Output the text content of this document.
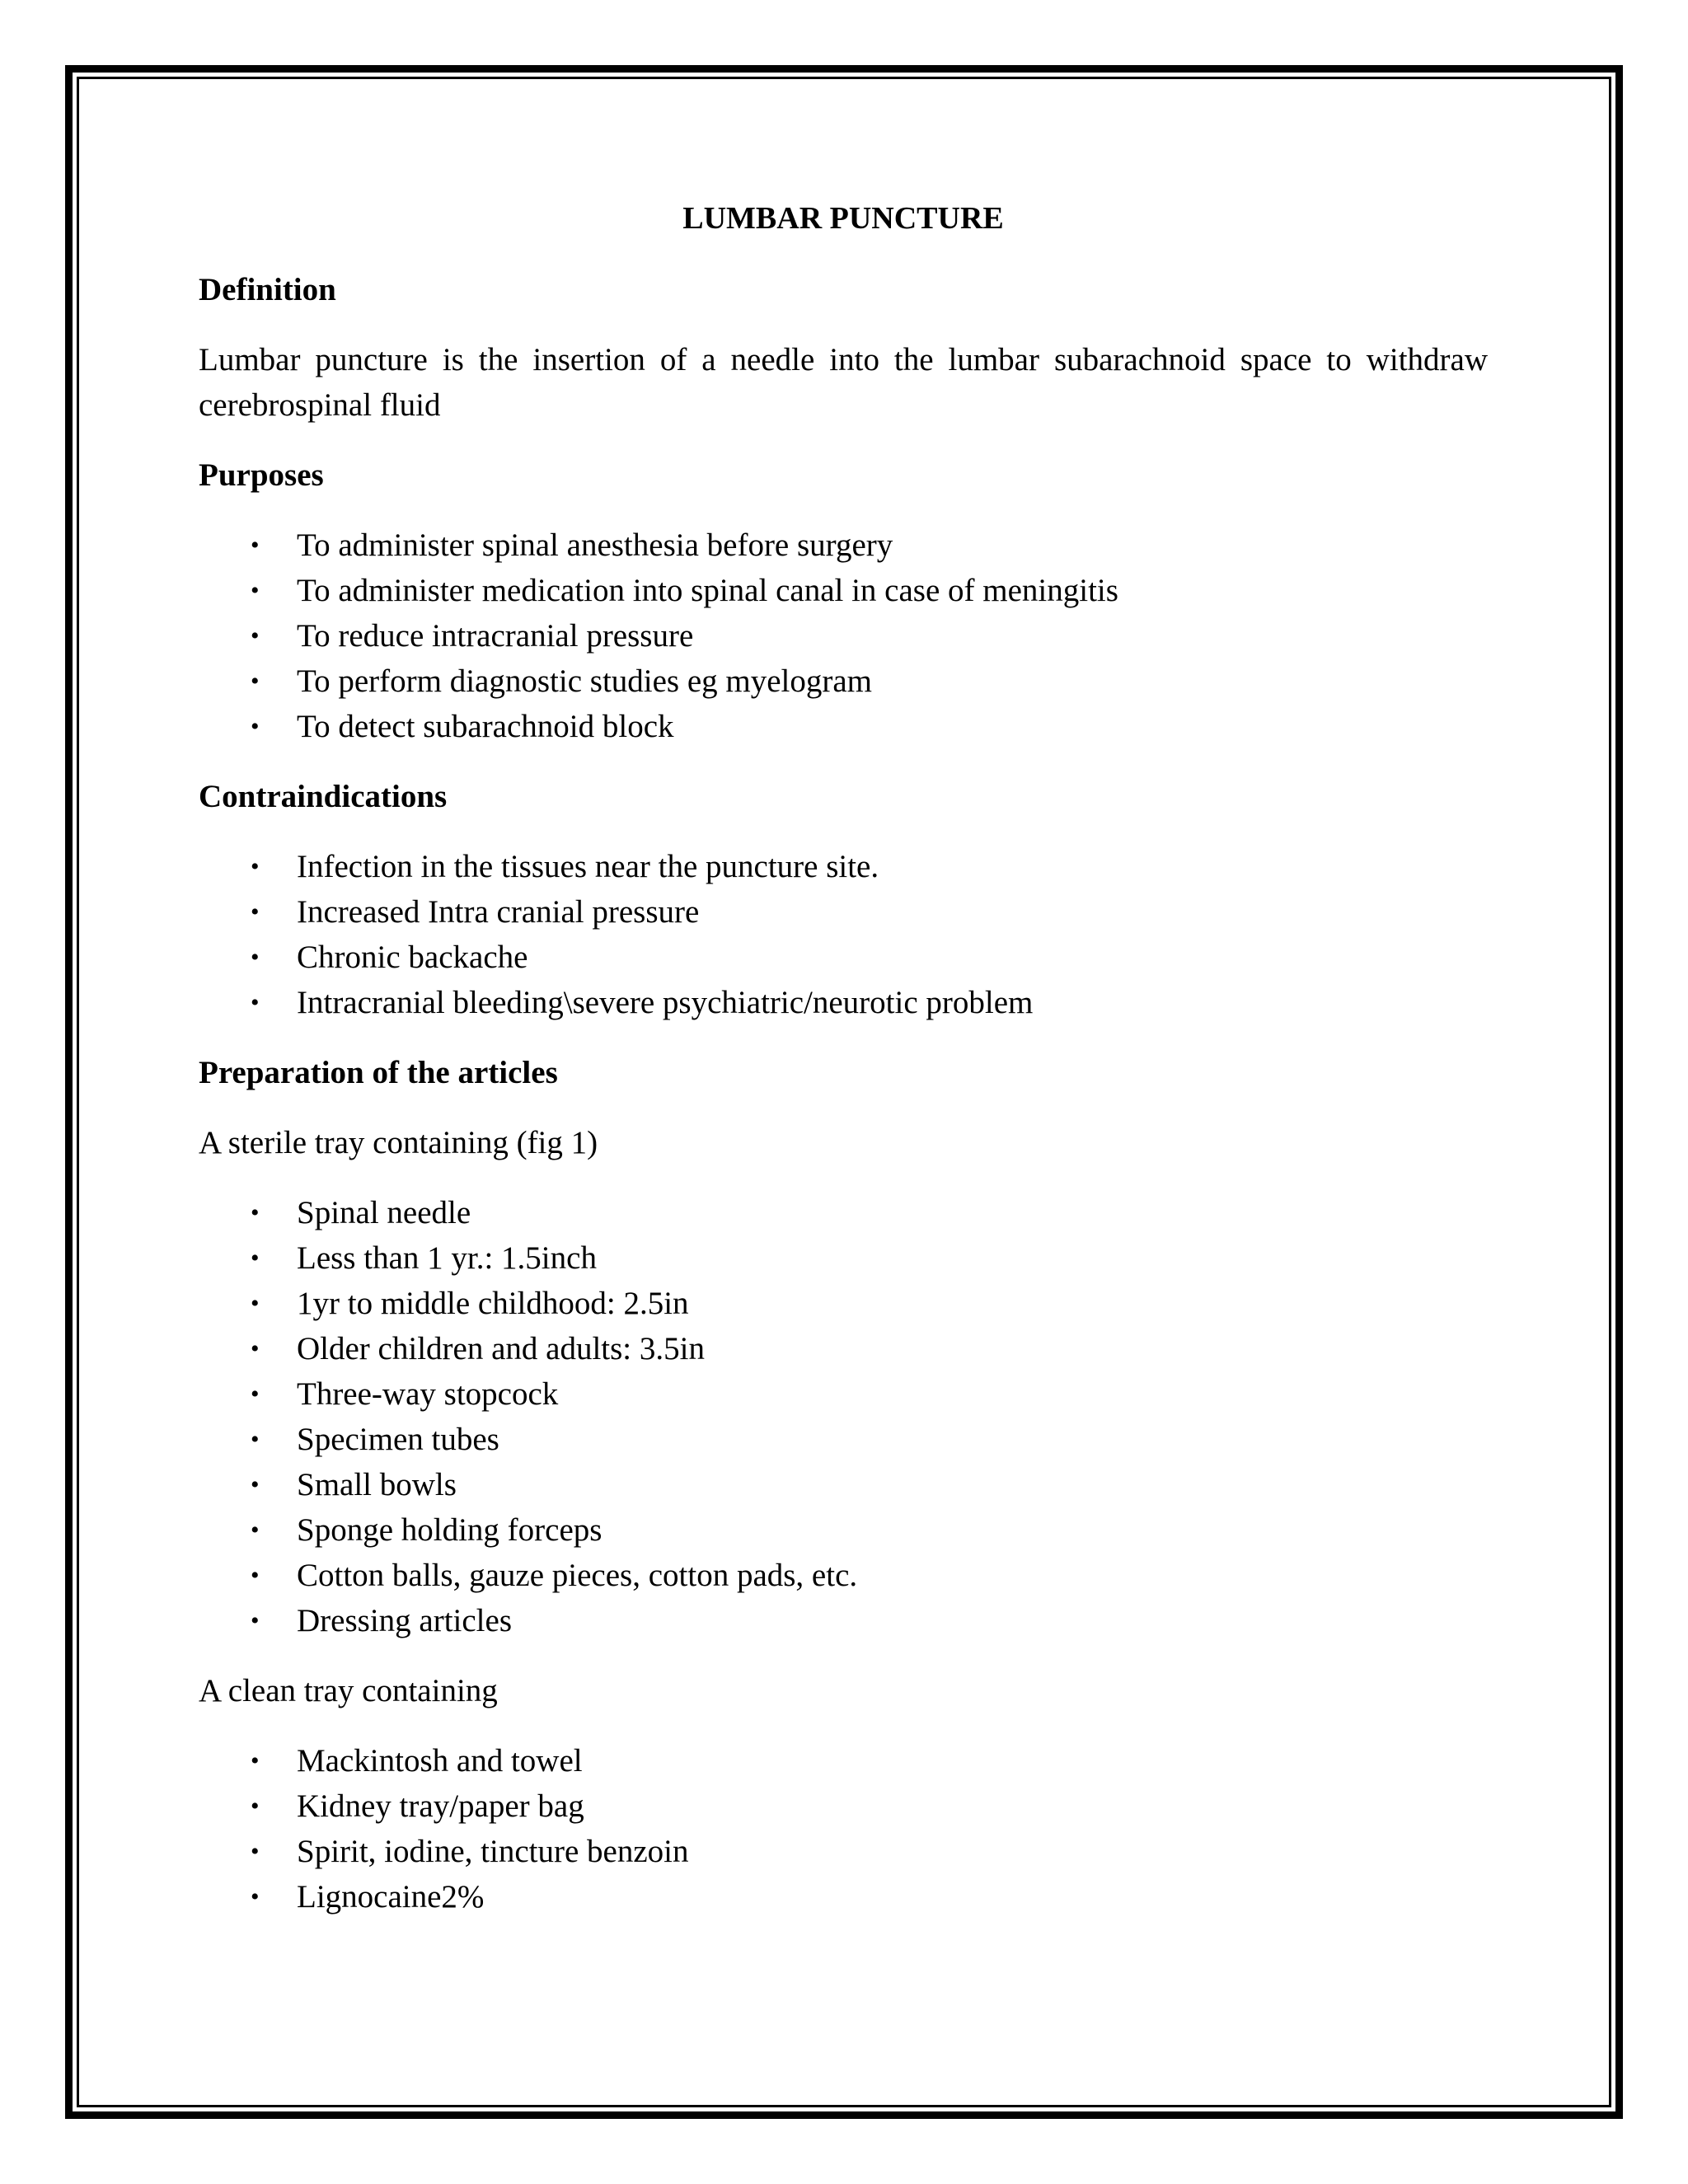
LUMBAR PUNCTURE
Definition
Lumbar puncture is the insertion of a needle into the lumbar subarachnoid space to withdraw
cerebrospinal fluid
Purposes
• To administer spinal anesthesia before surgery
• To administer medication into spinal canal in case of meningitis
• To reduce intracranial pressure
• To perform diagnostic studies eg myelogram
• To detect subarachnoid block
Contraindications
• Infection in the tissues near the puncture site.
• Increased Intra cranial pressure
• Chronic backache
• Intracranial bleeding\severe psychiatric/neurotic problem
Preparation of the articles
A sterile tray containing (fig 1)
• Spinal needle
• Less than 1 yr.: 1.5inch
• 1yr to middle childhood: 2.5in
• Older children and adults: 3.5in
• Three-way stopcock
• Specimen tubes
• Small bowls
• Sponge holding forceps
• Cotton balls, gauze pieces, cotton pads, etc.
• Dressing articles
A clean tray containing
• Mackintosh and towel
• Kidney tray/paper bag
• Spirit, iodine, tincture benzoin
• Lignocaine2%
